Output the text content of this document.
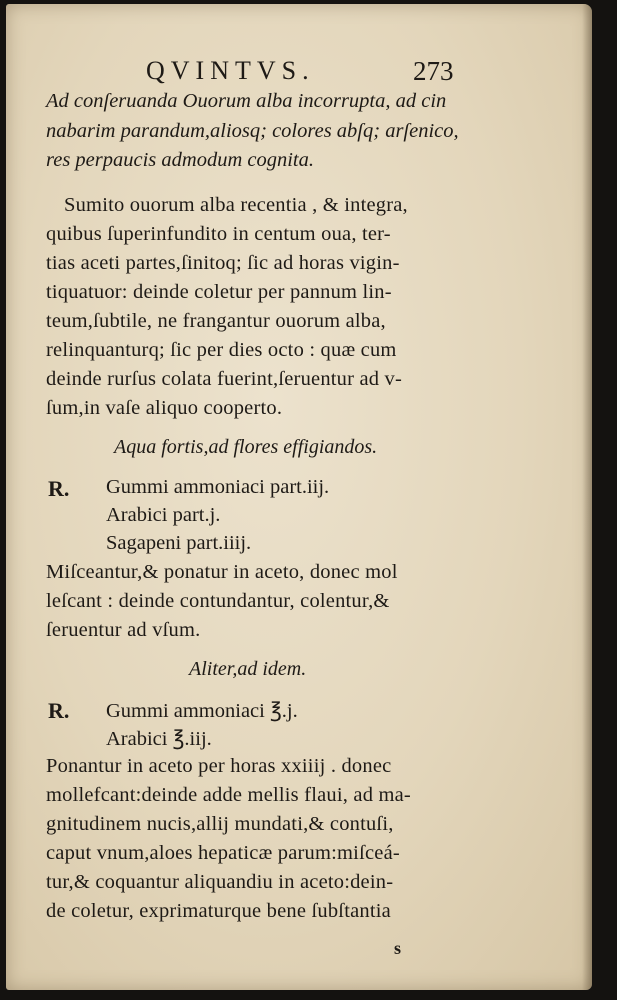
QVINTVS.	273
Ad conſeruanda Ouorum alba incorrupta, ad cin
nabarim parandum,aliosq; colores abſq; arſenico,
res perpaucis admodum cognita.
Sumito ouorum alba recentia , & integra,
quibus ſuperinfundito in centum oua, ter-
tias aceti partes,ſinitoq; ſic ad horas vigin-
tiquatuor: deinde coletur per pannum lin-
teum,ſubtile, ne frangantur ouorum alba,
relinquanturq; ſic per dies octo : quæ cum
deinde rurſus colata fuerint,ſeruentur ad v-
ſum,in vaſe aliquo cooperto.
Aqua fortis,ad flores effigiandos.
R. Gummi ammoniaci part.iij.
Arabici part.j.
Sagapeni part.iiij.
Miſceantur,& ponatur in aceto, donec mol
leſcant : deinde contundantur, colentur,&
ſeruentur ad vſum.
Aliter,ad idem.
R. Gummi ammoniaci ℥.j.
Arabici ℥.iij.
Ponantur in aceto per horas xxiiij . donec
mollefcant:deinde adde mellis flaui, ad ma-
gnitudinem nucis,allij mundati,& contuſi,
caput vnum,aloes hepaticæ parum:miſceá-
tur,& coquantur aliquandiu in aceto:dein-
de coletur, exprimaturque bene ſubſtantia
s
